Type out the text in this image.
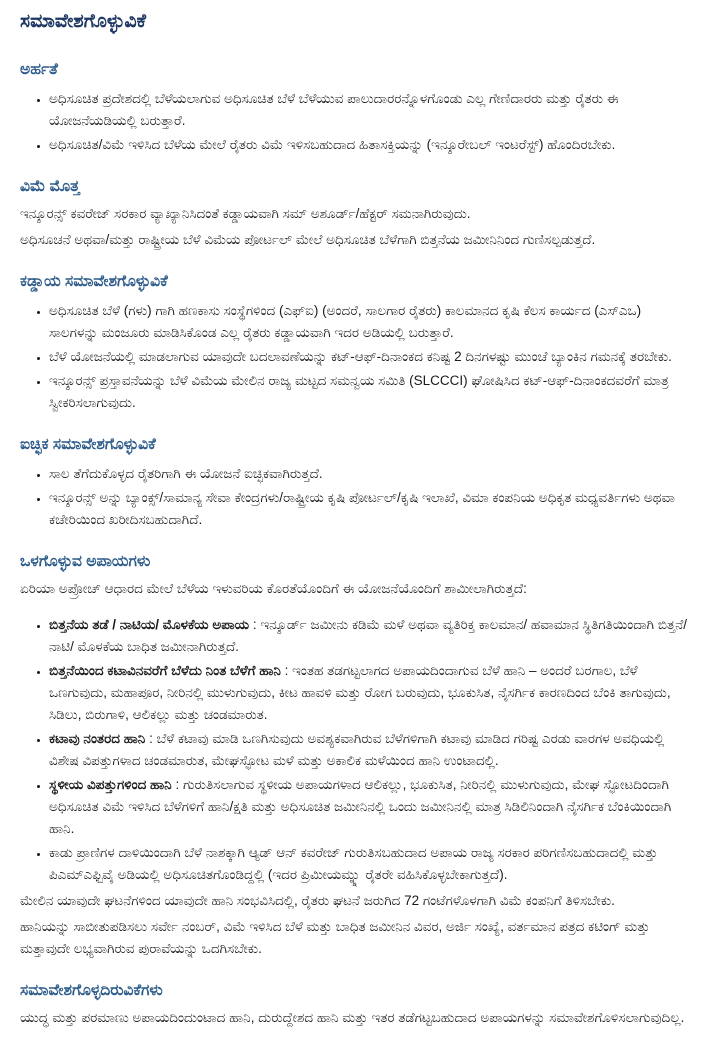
ಸಮಾವೇಶಗೊಳ್ಳುವಿಕೆ
ಅರ್ಹತೆ
• ಅಧಿಸೂಚಿತ ಪ್ರದೇಶದಲ್ಲಿ ಬೆಳೆಯಲಾಗುವ ಅಧಿಸೂಚಿತ ಬೆಳೆ ಬೆಳೆಯುವ ಪಾಲುದಾರರನ್ನೊಳಗೊಂಡು ಎಲ್ಲ ಗೇಣಿದಾರರು ಮತ್ತು ರೈತರು ಈ ಯೋಜನೆಯಡಿಯಲ್ಲಿ ಬರುತ್ತಾರೆ.
• ಅಧಿಸೂಚಿತ/ವಿಮೆ ಇಳಿಸಿದ ಬೆಳೆಯ ಮೇಲೆ ರೈತರು ವಿಮೆ ಇಳಿಸಬಹುದಾದ ಹಿತಾಸಕ್ತಿಯನ್ನು (ಇನ್ಶೂರೇಬಲ್ ಇಂಟರೆಸ್ಟ್) ಹೊಂದಿರಬೇಕು.
ವಿಮೆ ಮೊತ್ತ

ಇನ್ಶೂರನ್ಸ್ ಕವರೇಜ್ ಸರಕಾರ ವ್ಯಾಖ್ಯಾನಿಸಿದಂತೆ ಕಡ್ಡಾಯವಾಗಿ ಸಮ್ ಅಶೂರ್ಡ್/ಹೆಕ್ಟರ್ ಸಮನಾಗಿರುವುದು.

ಅಧಿಸೂಚನೆ ಅಥವಾ/ಮತ್ತು ರಾಷ್ಟ್ರೀಯ ಬೆಳೆ ವಿಮೆಯ ಪೋರ್ಟಲ್ ಮೇಲೆ ಅಧಿಸೂಚಿತ ಬೆಳೆಗಾಗಿ ಬಿತ್ತನೆಯ ಜಮೀನಿನಿಂದ ಗುಣಿಸಲ್ಪಡುತ್ತದೆ.

ಕಡ್ಡಾಯ ಸಮಾವೇಶಗೊಳ್ಳುವಿಕೆ
• ಅಧಿಸೂಚಿತ ಬೆಳೆ (ಗಳು) ಗಾಗಿ ಹಣಕಾಸು ಸಂಸ್ಥೆಗಳಿಂದ (ಎಫ್ಐ) (ಅಂದರೆ, ಸಾಲಗಾರ ರೈತರು) ಕಾಲಮಾನದ ಕೃಷಿ ಕೆಲಸ ಕಾರ್ಯದ (ಎಸ್ಎಒ) ಸಾಲಗಳನ್ನು ಮಂಜೂರು ಮಾಡಿಸಿಕೊಂಡ ಎಲ್ಲ ರೈತರು ಕಡ್ಡಾಯವಾಗಿ ಇದರ ಅಡಿಯಲ್ಲಿ ಬರುತ್ತಾರೆ.
• ಬೆಳೆ ಯೋಜನೆಯಲ್ಲಿ ಮಾಡಲಾಗುವ ಯಾವುದೇ ಬದಲಾವಣೆಯನ್ನು ಕಟ್-ಆಫ್-ದಿನಾಂಕದ ಕನಿಷ್ಟ 2 ದಿನಗಳಷ್ಟು ಮುಂಚೆ ಬ್ಯಾಂಕಿನ ಗಮನಕ್ಕೆ ತರಬೇಕು.
• ಇನ್ಶೂರನ್ಸ್ ಪ್ರಸ್ತಾವನೆಯನ್ನು ಬೆಳೆ ವಿಮೆಯ ಮೇಲಿನ ರಾಜ್ಯ ಮಟ್ಟದ ಸಮನ್ವಯ ಸಮಿತಿ (SLCCCI) ಘೋಷಿಸಿದ ಕಟ್-ಆಫ್-ದಿನಾಂಕದವರೆಗೆ ಮಾತ್ರ ಸ್ವೀಕರಿಸಲಾಗುವುದು.
ಐಚ್ಛಿಕ ಸಮಾವೇಶಗೊಳ್ಳುವಿಕೆ
• ಸಾಲ ತೆಗೆದುಕೊಳ್ಳದ ರೈತರಿಗಾಗಿ ಈ ಯೋಜನೆ ಐಚ್ಛಿಕವಾಗಿರುತ್ತದೆ.
• ಇನ್ಶೂರನ್ಸ್ ಅನ್ನು ಬ್ಯಾಂಕ್ಸ್/ಸಾಮಾನ್ಯ ಸೇವಾ ಕೇಂದ್ರಗಳು/ರಾಷ್ಟ್ರೀಯ ಕೃಷಿ ಪೋರ್ಟಲ್/ಕೃಷಿ ಇಲಾಖೆ, ವಿಮಾ ಕಂಪನಿಯ ಅಧಿಕೃತ ಮಧ್ಯವರ್ತಿಗಳು ಅಥವಾ ಕಚೇರಿಯಿಂದ ಖರೀದಿಸಬಹುದಾಗಿದೆ.
ಒಳಗೊಳ್ಳುವ ಅಪಾಯಗಳು

ಏರಿಯಾ ಅಪ್ರೋಚ್ ಆಧಾರದ ಮೇಲೆ ಬೆಳೆಯ ಇಳುವರಿಯ ಕೊರತೆಯೊಂದಿಗೆ ಈ ಯೋಜನೆಯೊಂದಿಗೆ ಶಾಮೀಲಾಗಿರುತ್ತದೆ:

• ಬಿತ್ತನೆಯ ತಡೆ / ನಾಟಿಯ/ ಮೊಳಕೆಯ ಅಪಾಯ : ಇನ್ಶೂರ್ಡ್ ಜಮೀನು ಕಡಿಮೆ ಮಳೆ ಅಥವಾ ವ್ಯತಿರಿಕ್ತ ಕಾಲಮಾನ/ ಹವಾಮಾನ ಸ್ಥಿತಿಗತಿಯಿಂದಾಗಿ ಬಿತ್ತನೆ/ ನಾಟಿ/ ಮೊಳಕೆಯ ಬಾಧಿತ ಜಮೀನಾಗಿರುತ್ತದೆ.
• ಬಿತ್ತನೆಯಿಂದ ಕಟಾವಿನವರೆಗೆ ಬೆಳೆದು ನಿಂತ ಬೆಳೆಗೆ ಹಾನಿ : ಇಂತಹ ತಡಗಟ್ಟಲಾಗದ ಅಪಾಯದಿಂದಾಗುವ ಬೆಳೆ ಹಾನಿ – ಅಂದರೆ ಬರಗಾಲ, ಬೆಳೆ ಒಣಗುವುದು, ಮಹಾಪೂರ, ನೀರಿನಲ್ಲಿ ಮುಳುಗುವುದು, ಕೀಟ ಹಾವಳಿ ಮತ್ತು ರೋಗ ಬರುವುದು, ಭೂಕುಸಿತ, ನೈಸರ್ಗಿಕ ಕಾರಣದಿಂದ ಬೆಂಕಿ ತಾಗುವುದು, ಸಿಡಿಲು, ಬಿರುಗಾಳಿ, ಆಲಿಕಲ್ಲು ಮತ್ತು ಚಂಡಮಾರುತ.
• ಕಟಾವು ನಂತರದ ಹಾನಿ : ಬೆಳೆ ಕಟಾವು ಮಾಡಿ ಒಣಗಿಸುವುದು ಅವಶ್ಯಕವಾಗಿರುವ ಬೆಳೆಗಳಿಗಾಗಿ ಕಟಾವು ಮಾಡಿದ ಗರಿಷ್ಟ ಎರಡು ವಾರಗಳ ಅವಧಿಯಲ್ಲಿ ವಿಶೇಷ ವಿಪತ್ತುಗಳಾದ ಚಂಡಮಾರುತ, ಮೇಘಸ್ಫೋಟ ಮಳೆ ಮತ್ತು ಅಕಾಲಿಕ ಮಳೆಯಿಂದ ಹಾನಿ ಉಂಟಾದಲ್ಲಿ.
• ಸ್ಥಳೀಯ ವಿಪತ್ತುಗಳಿಂದ ಹಾನಿ : ಗುರುತಿಸಲಾಗುವ ಸ್ಥಳೀಯ ಅಪಾಯಗಳಾದ ಆಲಿಕಲ್ಲು, ಭೂಕುಸಿತ, ನೀರಿನಲ್ಲಿ ಮುಳುಗುವುದು, ಮೇಘ ಸ್ಫೋಟದಿಂದಾಗಿ ಅಧಿಸೂಚಿತ ವಿಮೆ ಇಳಿಸಿದ ಬೆಳೆಗಳಿಗೆ ಹಾನಿ/ಕ್ಷತಿ ಮತ್ತು ಅಧಿಸೂಚಿತ ಜಮೀನಿನಲ್ಲಿ ಒಂದು ಜಮೀನಿನಲ್ಲಿ ಮಾತ್ರ ಸಿಡಿಲಿನಿಂದಾಗಿ ನೈಸರ್ಗಿಕ ಬೆಂಕಿಯಿಂದಾಗಿ ಹಾನಿ.
• ಕಾಡು ಪ್ರಾಣಿಗಳ ದಾಳಿಯಿಂದಾಗಿ ಬೆಳೆ ನಾಶಕ್ಕಾಗಿ ಆ್ಯಡ್ ಆನ್ ಕವರೇಜ್ ಗುರುತಿಸಬಹುದಾದ ಅಪಾಯ ರಾಜ್ಯ ಸರಕಾರ ಪರಿಗಣಿಸಬಹುದಾದಲ್ಲಿ ಮತ್ತು ಪಿಎಮ್ಎಫ್ಬಿವೈ ಅಡಿಯಲ್ಲಿ ಅಧಿಸೂಚಿತಗೊಂಡಿದ್ದಲ್ಲಿ (ಇದರ ಪ್ರಿಮೀಯಮ್ನ್ನು ರೈತರೇ ವಹಿಸಿಕೊಳ್ಳಬೇಕಾಗುತ್ತದೆ).

ಮೇಲಿನ ಯಾವುದೇ ಘಟನೆಗಳಿಂದ ಯಾವುದೇ ಹಾನಿ ಸಂಭವಿಸಿದಲ್ಲಿ, ರೈತರು ಘಟನೆ ಜರುಗಿದ 72 ಗಂಟೆಗಳೊಳಗಾಗಿ ವಿಮೆ ಕಂಪನಿಗೆ ತಿಳಿಸಬೇಕು.

ಹಾನಿಯನ್ನು ಸಾಬೀತುಪಡಿಸಲು ಸರ್ವೇ ನಂಬರ್, ವಿಮೆ ಇಳಿಸಿದ ಬೆಳೆ ಮತ್ತು ಬಾಧಿತ ಜಮೀನಿನ ವಿವರ, ಅರ್ಜಿ ಸಂಖ್ಯೆ, ವರ್ತಮಾನ ಪತ್ರದ ಕಟಿಂಗ್ ಮತ್ತು ಮತ್ತಾವುದೇ ಲಭ್ಯವಾಗಿರುವ ಪುರಾವೆಯನ್ನು ಒದಗಿಸಬೇಕು.

ಸಮಾವೇಶಗೊಳ್ಳದಿರುವಿಕೆಗಳು

ಯುದ್ಧ ಮತ್ತು ಪರಮಾಣು ಅಪಾಯದಿಂದುಂಟಾದ ಹಾನಿ, ದುರುದ್ದೇಶದ ಹಾನಿ ಮತ್ತು ಇತರ ತಡೆಗಟ್ಟಬಹುದಾದ ಅಪಾಯಗಳನ್ನು ಸಮಾವೇಶಗೊಳಿಸಲಾಗುವುದಿಲ್ಲ.
